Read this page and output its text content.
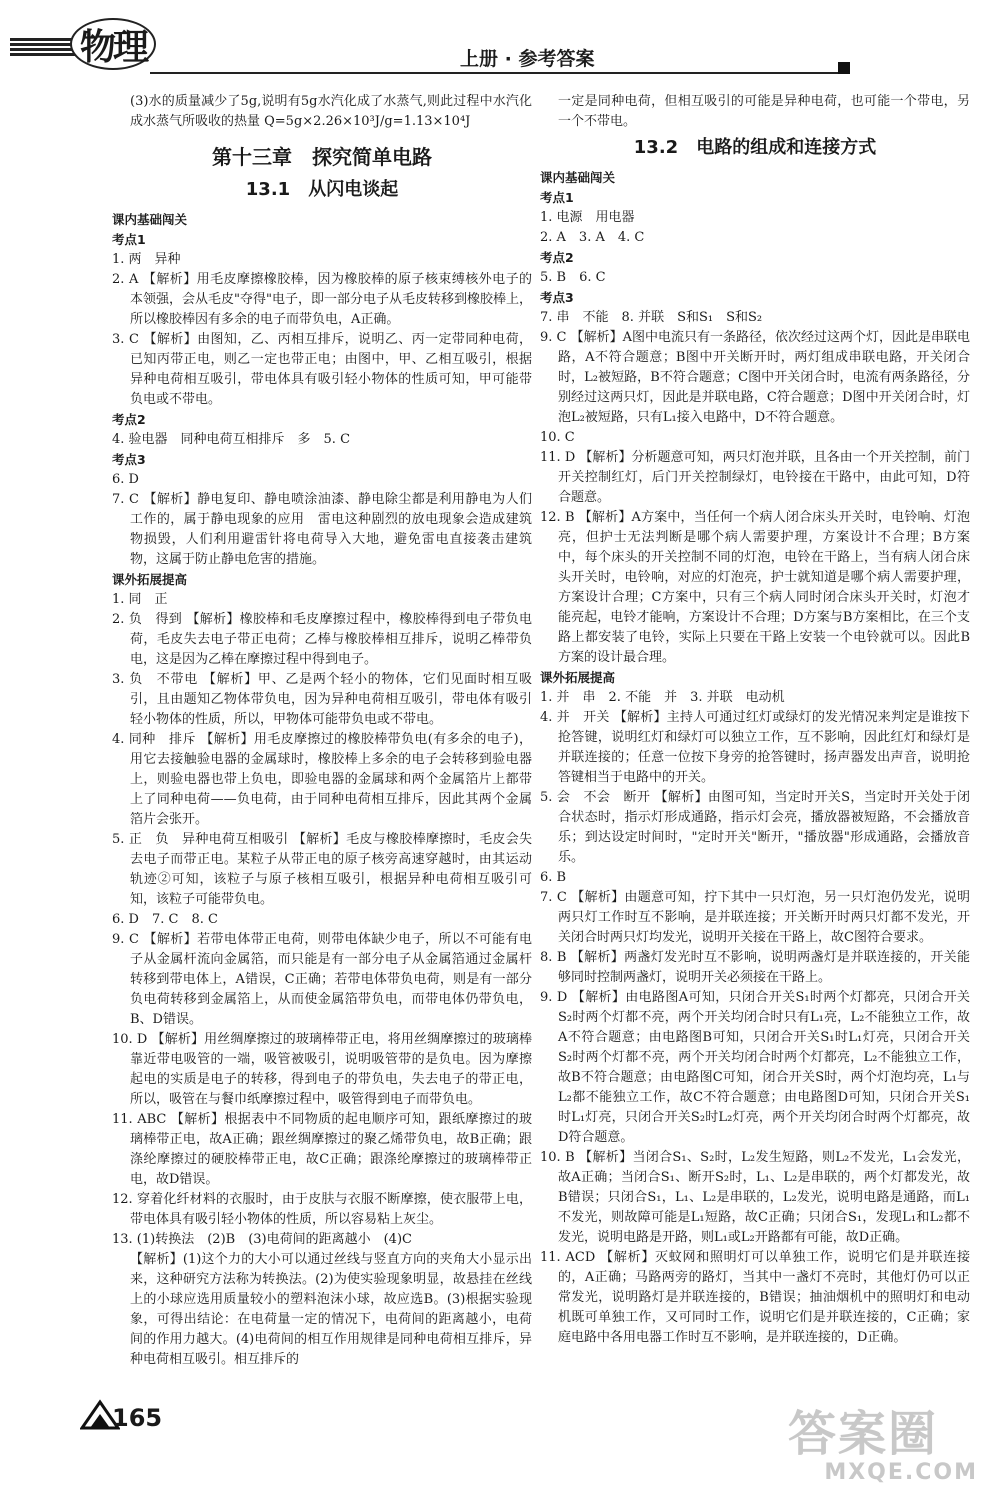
物理	上册 · 参考答案

(3)水的质量减少了5g,说明有5g水汽化成了水蒸气,则此过程中水汽化成水蒸气所吸收的热量 Q=5g×2.26×10³J/g=1.13×10⁴J

第十三章　探究简单电路

13.1　从闪电谈起

课内基础闯关

考点1

1. 两　异种

2. A 【解析】用毛皮摩擦橡胶棒，因为橡胶棒的原子核束缚核外电子的本领强，会从毛皮"夺得"电子，即一部分电子从毛皮转移到橡胶棒上，所以橡胶棒因有多余的电子而带负电，A正确。

3. C 【解析】由图知，乙、丙相互排斥，说明乙、丙一定带同种电荷，已知丙带正电，则乙一定也带正电；由图中，甲、乙相互吸引，根据异种电荷相互吸引，带电体具有吸引轻小物体的性质可知，甲可能带负电或不带电。

考点2

4. 验电器　同种电荷互相排斥　多　5. C

考点3

6. D

7. C 【解析】静电复印、静电喷涂油漆、静电除尘都是利用静电为人们工作的，属于静电现象的应用　雷电这种剧烈的放电现象会造成建筑物损毁，人们利用避雷针将电荷导入大地，避免雷电直接袭击建筑物，这属于防止静电危害的措施。

课外拓展提高

1. 同　正

2. 负　得到 【解析】橡胶棒和毛皮摩擦过程中，橡胶棒得到电子带负电荷，毛皮失去电子带正电荷；乙棒与橡胶棒相互排斥，说明乙棒带负电，这是因为乙棒在摩擦过程中得到电子。

3. 负　不带电 【解析】甲、乙是两个轻小的物体，它们见面时相互吸引，且由题知乙物体带负电，因为异种电荷相互吸引，带电体有吸引轻小物体的性质，所以，甲物体可能带负电或不带电。

4. 同种　排斥 【解析】用毛皮摩擦过的橡胶棒带负电(有多余的电子)，用它去接触验电器的金属球时，橡胶棒上多余的电子会转移到验电器上，则验电器也带上负电，即验电器的金属球和两个金属箔片上都带上了同种电荷——负电荷，由于同种电荷相互排斥，因此其两个金属箔片会张开。

5. 正　负　异种电荷互相吸引 【解析】毛皮与橡胶棒摩擦时，毛皮会失去电子而带正电。某粒子从带正电的原子核旁高速穿越时，由其运动轨迹②可知，该粒子与原子核相互吸引，根据异种电荷相互吸引可知，该粒子可能带负电。

6. D　7. C　8. C

9. C 【解析】若带电体带正电荷，则带电体缺少电子，所以不可能有电子从金属杆流向金属箔，而只能是有一部分电子从金属箔通过金属杆转移到带电体上，A错误，C正确；若带电体带负电荷，则是有一部分负电荷转移到金属箔上，从而使金属箔带负电，而带电体仍带负电，B、D错误。

10. D 【解析】用丝绸摩擦过的玻璃棒带正电，将用丝绸摩擦过的玻璃棒靠近带电吸管的一端，吸管被吸引，说明吸管带的是负电。因为摩擦起电的实质是电子的转移，得到电子的带负电，失去电子的带正电，所以，吸管在与餐巾纸摩擦过程中，吸管得到电子而带负电。

11. ABC 【解析】根据表中不同物质的起电顺序可知，跟纸摩擦过的玻璃棒带正电，故A正确；跟丝绸摩擦过的聚乙烯带负电，故B正确；跟涤纶摩擦过的硬胶棒带正电，故C正确；跟涤纶摩擦过的玻璃棒带正电，故D错误。

12. 穿着化纤材料的衣服时，由于皮肤与衣服不断摩擦，使衣服带上电，带电体具有吸引轻小物体的性质，所以容易粘上灰尘。

13. (1)转换法　(2)B　(3)电荷间的距离越小　(4)C

【解析】(1)这个力的大小可以通过丝线与竖直方向的夹角大小显示出来，这种研究方法称为转换法。(2)为使实验现象明显，故悬挂在丝线上的小球应选用质量较小的塑料泡沫小球，故应选B。(3)根据实验现象，可得出结论：在电荷量一定的情况下，电荷间的距离越小，电荷间的作用力越大。(4)电荷间的相互作用规律是同种电荷相互排斥，异种电荷相互吸引。相互排斥的

一定是同种电荷，但相互吸引的可能是异种电荷，也可能一个带电，另一个不带电。

13.2　电路的组成和连接方式

课内基础闯关

考点1

1. 电源　用电器

2. A　3. A　4. C

考点2

5. B　6. C

考点3

7. 串　不能　8. 并联　S和S₁　S和S₂

9. C 【解析】A图中电流只有一条路径，依次经过这两个灯，因此是串联电路，A不符合题意；B图中开关断开时，两灯组成串联电路，开关闭合时，L₂被短路，B不符合题意；C图中开关闭合时，电流有两条路径，分别经过这两只灯，因此是并联电路，C符合题意；D图中开关闭合时，灯泡L₂被短路，只有L₁接入电路中，D不符合题意。

10. C

11. D 【解析】分析题意可知，两只灯泡并联，且各由一个开关控制，前门开关控制红灯，后门开关控制绿灯，电铃接在干路中，由此可知，D符合题意。

12. B 【解析】A方案中，当任何一个病人闭合床头开关时，电铃响、灯泡亮，但护士无法判断是哪个病人需要护理，方案设计不合理；B方案中，每个床头的开关控制不同的灯泡，电铃在干路上，当有病人闭合床头开关时，电铃响，对应的灯泡亮，护士就知道是哪个病人需要护理，方案设计合理；C方案中，只有三个病人同时闭合床头开关时，灯泡才能亮起，电铃才能响，方案设计不合理；D方案与B方案相比，在三个支路上都安装了电铃，实际上只要在干路上安装一个电铃就可以。因此B方案的设计最合理。

课外拓展提高

1. 并　串　2. 不能　并　3. 并联　电动机

4. 并　开关 【解析】主持人可通过红灯或绿灯的发光情况来判定是谁按下抢答键，说明红灯和绿灯可以独立工作，互不影响，因此红灯和绿灯是并联连接的；任意一位按下身旁的抢答键时，扬声器发出声音，说明抢答键相当于电路中的开关。

5. 会　不会　断开 【解析】由图可知，当定时开关S，当定时开关处于闭合状态时，指示灯形成通路，指示灯会亮，播放器被短路，不会播放音乐；到达设定时间时，"定时开关"断开，"播放器"形成通路，会播放音乐。

6. B

7. C 【解析】由题意可知，拧下其中一只灯泡，另一只灯泡仍发光，说明两只灯工作时互不影响，是并联连接；开关断开时两只灯都不发光，开关闭合时两只灯均发光，说明开关接在干路上，故C图符合要求。

8. B 【解析】两盏灯发光时互不影响，说明两盏灯是并联连接的，开关能够同时控制两盏灯，说明开关必须接在干路上。

9. D 【解析】由电路图A可知，只闭合开关S₁时两个灯都亮，只闭合开关S₂时两个灯都不亮，两个开关均闭合时只有L₁亮，L₂不能独立工作，故A不符合题意；由电路图B可知，只闭合开关S₁时L₁灯亮，只闭合开关S₂时两个灯都不亮，两个开关均闭合时两个灯都亮，L₂不能独立工作，故B不符合题意；由电路图C可知，闭合开关S时，两个灯泡均亮，L₁与L₂都不能独立工作，故C不符合题意；由电路图D可知，只闭合开关S₁时L₁灯亮，只闭合开关S₂时L₂灯亮，两个开关均闭合时两个灯都亮，故D符合题意。

10. B 【解析】当闭合S₁、S₂时，L₂发生短路，则L₂不发光，L₁会发光，故A正确；当闭合S₁、断开S₂时，L₁、L₂是串联的，两个灯都发光，故B错误；只闭合S₁，L₁、L₂是串联的，L₂发光，说明电路是通路，而L₁不发光，则故障可能是L₁短路，故C正确；只闭合S₁，发现L₁和L₂都不发光，说明电路是开路，则L₁或L₂开路都有可能，故D正确。

11. ACD 【解析】灭蚊网和照明灯可以单独工作，说明它们是并联连接的，A正确；马路两旁的路灯，当其中一盏灯不亮时，其他灯仍可以正常发光，说明路灯是并联连接的，B错误；抽油烟机中的照明灯和电动机既可单独工作，又可同时工作，说明它们是并联连接的，C正确；家庭电路中各用电器工作时互不影响，是并联连接的，D正确。

165	答案圈
MXQE.COM
